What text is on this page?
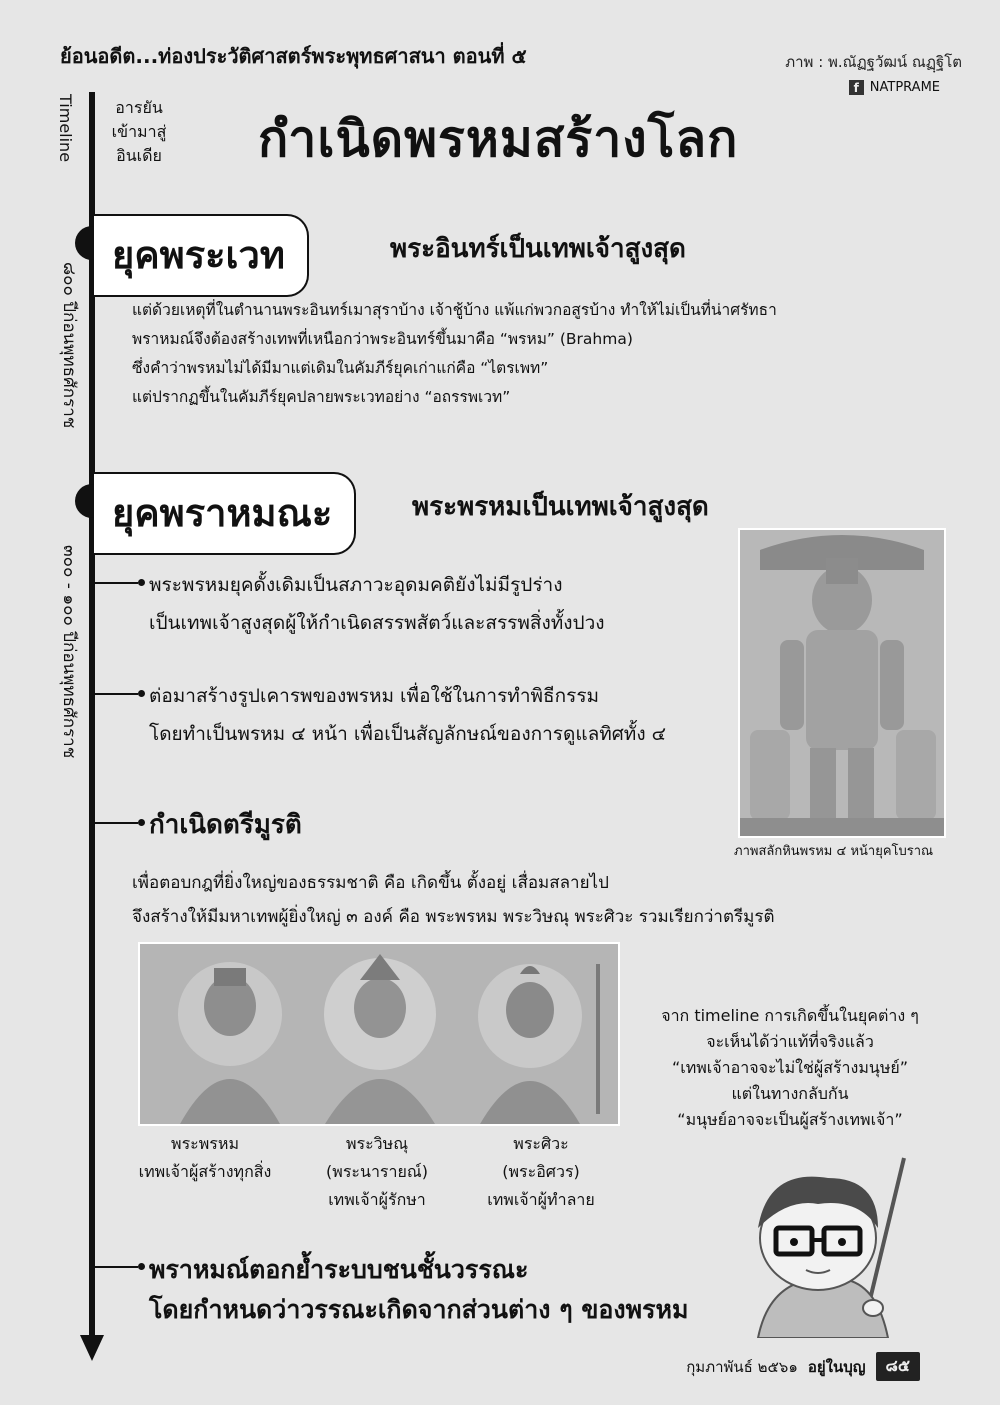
ย้อนอดีต...ท่องประวัติศาสตร์พระพุทธศาสนา ตอนที่ ๕	ภาพ : พ.ณัฏฐวัฒน์ ณฏฺฐิโต
f NATPRAME
Timeline
๘๐๐ ปีก่อนพุทธศักราช
๓๐๐ - ๑๐๐ ปีก่อนพุทธศักราช
อารยัน เข้ามาสู่ อินเดีย กำเนิดพรหมสร้างโลก
ยุคพระเวท	พระอินทร์เป็นเทพเจ้าสูงสุด
แต่ด้วยเหตุที่ในตำนานพระอินทร์เมาสุราบ้าง เจ้าชู้บ้าง แพ้แก่พวกอสูรบ้าง ทำให้ไม่เป็นที่น่าศรัทธา
พราหมณ์จึงต้องสร้างเทพที่เหนือกว่าพระอินทร์ขึ้นมาคือ “พรหม” (Brahma)
ซึ่งคำว่าพรหมไม่ได้มีมาแต่เดิมในคัมภีร์ยุคเก่าแก่คือ “ไตรเพท”
แต่ปรากฏขึ้นในคัมภีร์ยุคปลายพระเวทอย่าง “อถรรพเวท”
ยุคพราหมณะ	พระพรหมเป็นเทพเจ้าสูงสุด
พระพรหมยุคดั้งเดิมเป็นสภาวะอุดมคติยังไม่มีรูปร่าง
เป็นเทพเจ้าสูงสุดผู้ให้กำเนิดสรรพสัตว์และสรรพสิ่งทั้งปวง
ต่อมาสร้างรูปเคารพของพรหม เพื่อใช้ในการทำพิธีกรรม
โดยทำเป็นพรหม ๔ หน้า เพื่อเป็นสัญลักษณ์ของการดูแลทิศทั้ง ๔
ภาพสลักหินพรหม ๔ หน้ายุคโบราณ
กำเนิดตรีมูรติ
เพื่อตอบกฎที่ยิ่งใหญ่ของธรรมชาติ คือ เกิดขึ้น ตั้งอยู่ เสื่อมสลายไป
จึงสร้างให้มีมหาเทพผู้ยิ่งใหญ่ ๓ องค์ คือ พระพรหม พระวิษณุ พระศิวะ รวมเรียกว่าตรีมูรติ
พระพรหม
เทพเจ้าผู้สร้างทุกสิ่ง
พระวิษณุ
(พระนารายณ์)
เทพเจ้าผู้รักษา
พระศิวะ
(พระอิศวร)
เทพเจ้าผู้ทำลาย
จาก timeline การเกิดขึ้นในยุคต่าง ๆ
จะเห็นได้ว่าแท้ที่จริงแล้ว
“เทพเจ้าอาจจะไม่ใช่ผู้สร้างมนุษย์”
แต่ในทางกลับกัน
“มนุษย์อาจจะเป็นผู้สร้างเทพเจ้า”
พราหมณ์ตอกย้ำระบบชนชั้นวรรณะ
โดยกำหนดว่าวรรณะเกิดจากส่วนต่าง ๆ ของพรหม
กุมภาพันธ์ ๒๕๖๑ อยู่ในบุญ	๘๕
